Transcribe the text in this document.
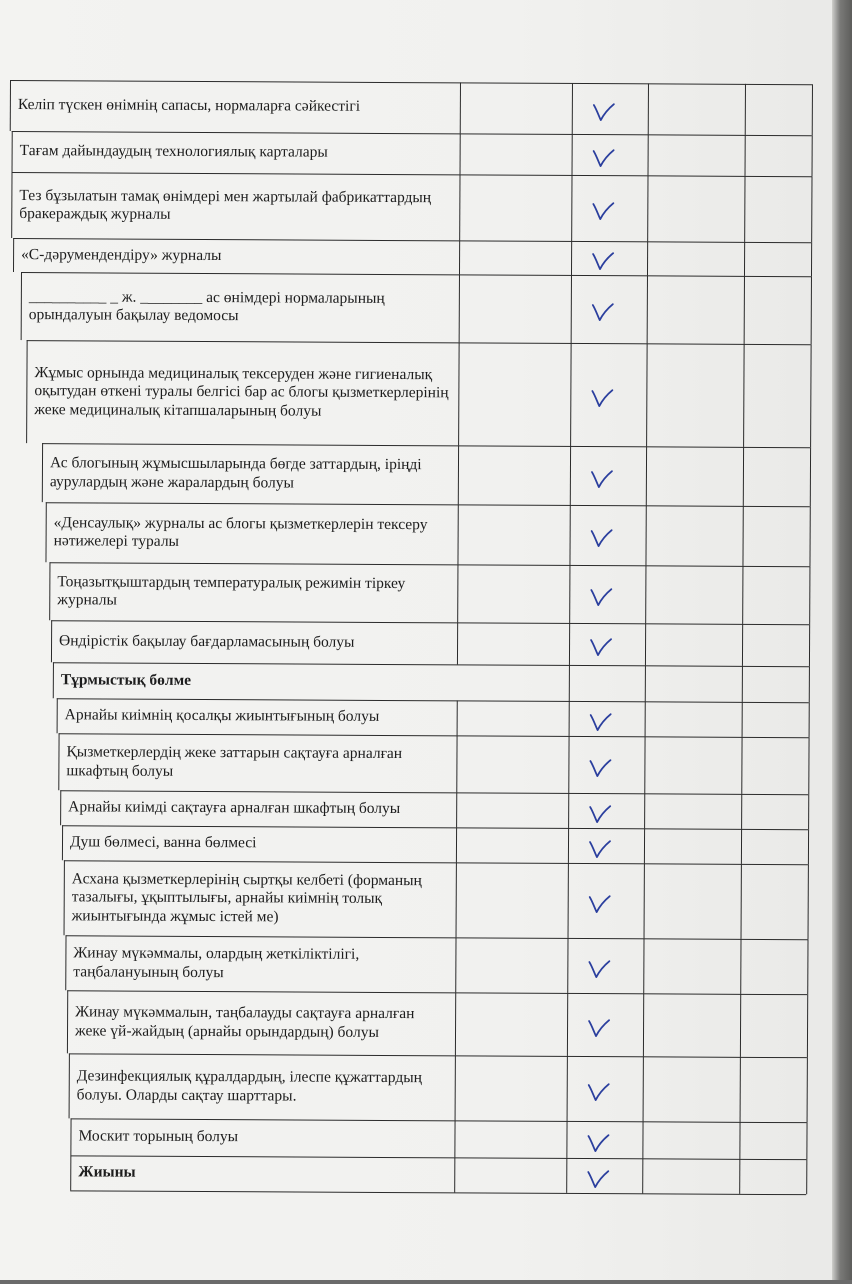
Келіп түскен өнімнің сапасы, нормаларға сәйкестігі
Тағам дайындаудың технологиялық карталары
Тез бұзылатын тамақ өнімдері мен жартылай фабрикаттардың бракераждық журналы
«С-дәрумендендіру» журналы
__________ _ ж. ________ ас өнімдері нормаларының орындалуын бақылау ведомосы
Жұмыс орнында медициналық тексеруден және гигиеналық оқытудан өткені туралы белгісі бар ас блогы қызметкерлерінің жеке медициналық кітапшаларының болуы
Ас блогының жұмысшыларында бөгде заттардың, іріңді аурулардың және жаралардың болуы
«Денсаулық» журналы ас блогы қызметкерлерін тексеру нәтижелері туралы
Тоңазытқыштардың температуралық режимін тіркеу журналы
Өндірістік бақылау бағдарламасының болуы
Тұрмыстық бөлме
Арнайы киімнің қосалқы жиынтығының болуы
Қызметкерлердің жеке заттарын сақтауға арналған шкафтың болуы
Арнайы киімді сақтауға арналған шкафтың болуы
Душ бөлмесі, ванна бөлмесі
Асхана қызметкерлерінің сыртқы келбеті (форманың тазалығы, ұқыптылығы, арнайы киімнің толық жиынтығында жұмыс істей ме)
Жинау мүкәммалы, олардың жеткіліктілігі, таңбалануының болуы
Жинау мүкәммалын, таңбалауды сақтауға арналған жеке үй-жайдың (арнайы орындардың) болуы
Дезинфекциялық құралдардың, ілеспе құжаттардың болуы. Оларды сақтау шарттары.
Москит торының болуы
Жиыны
